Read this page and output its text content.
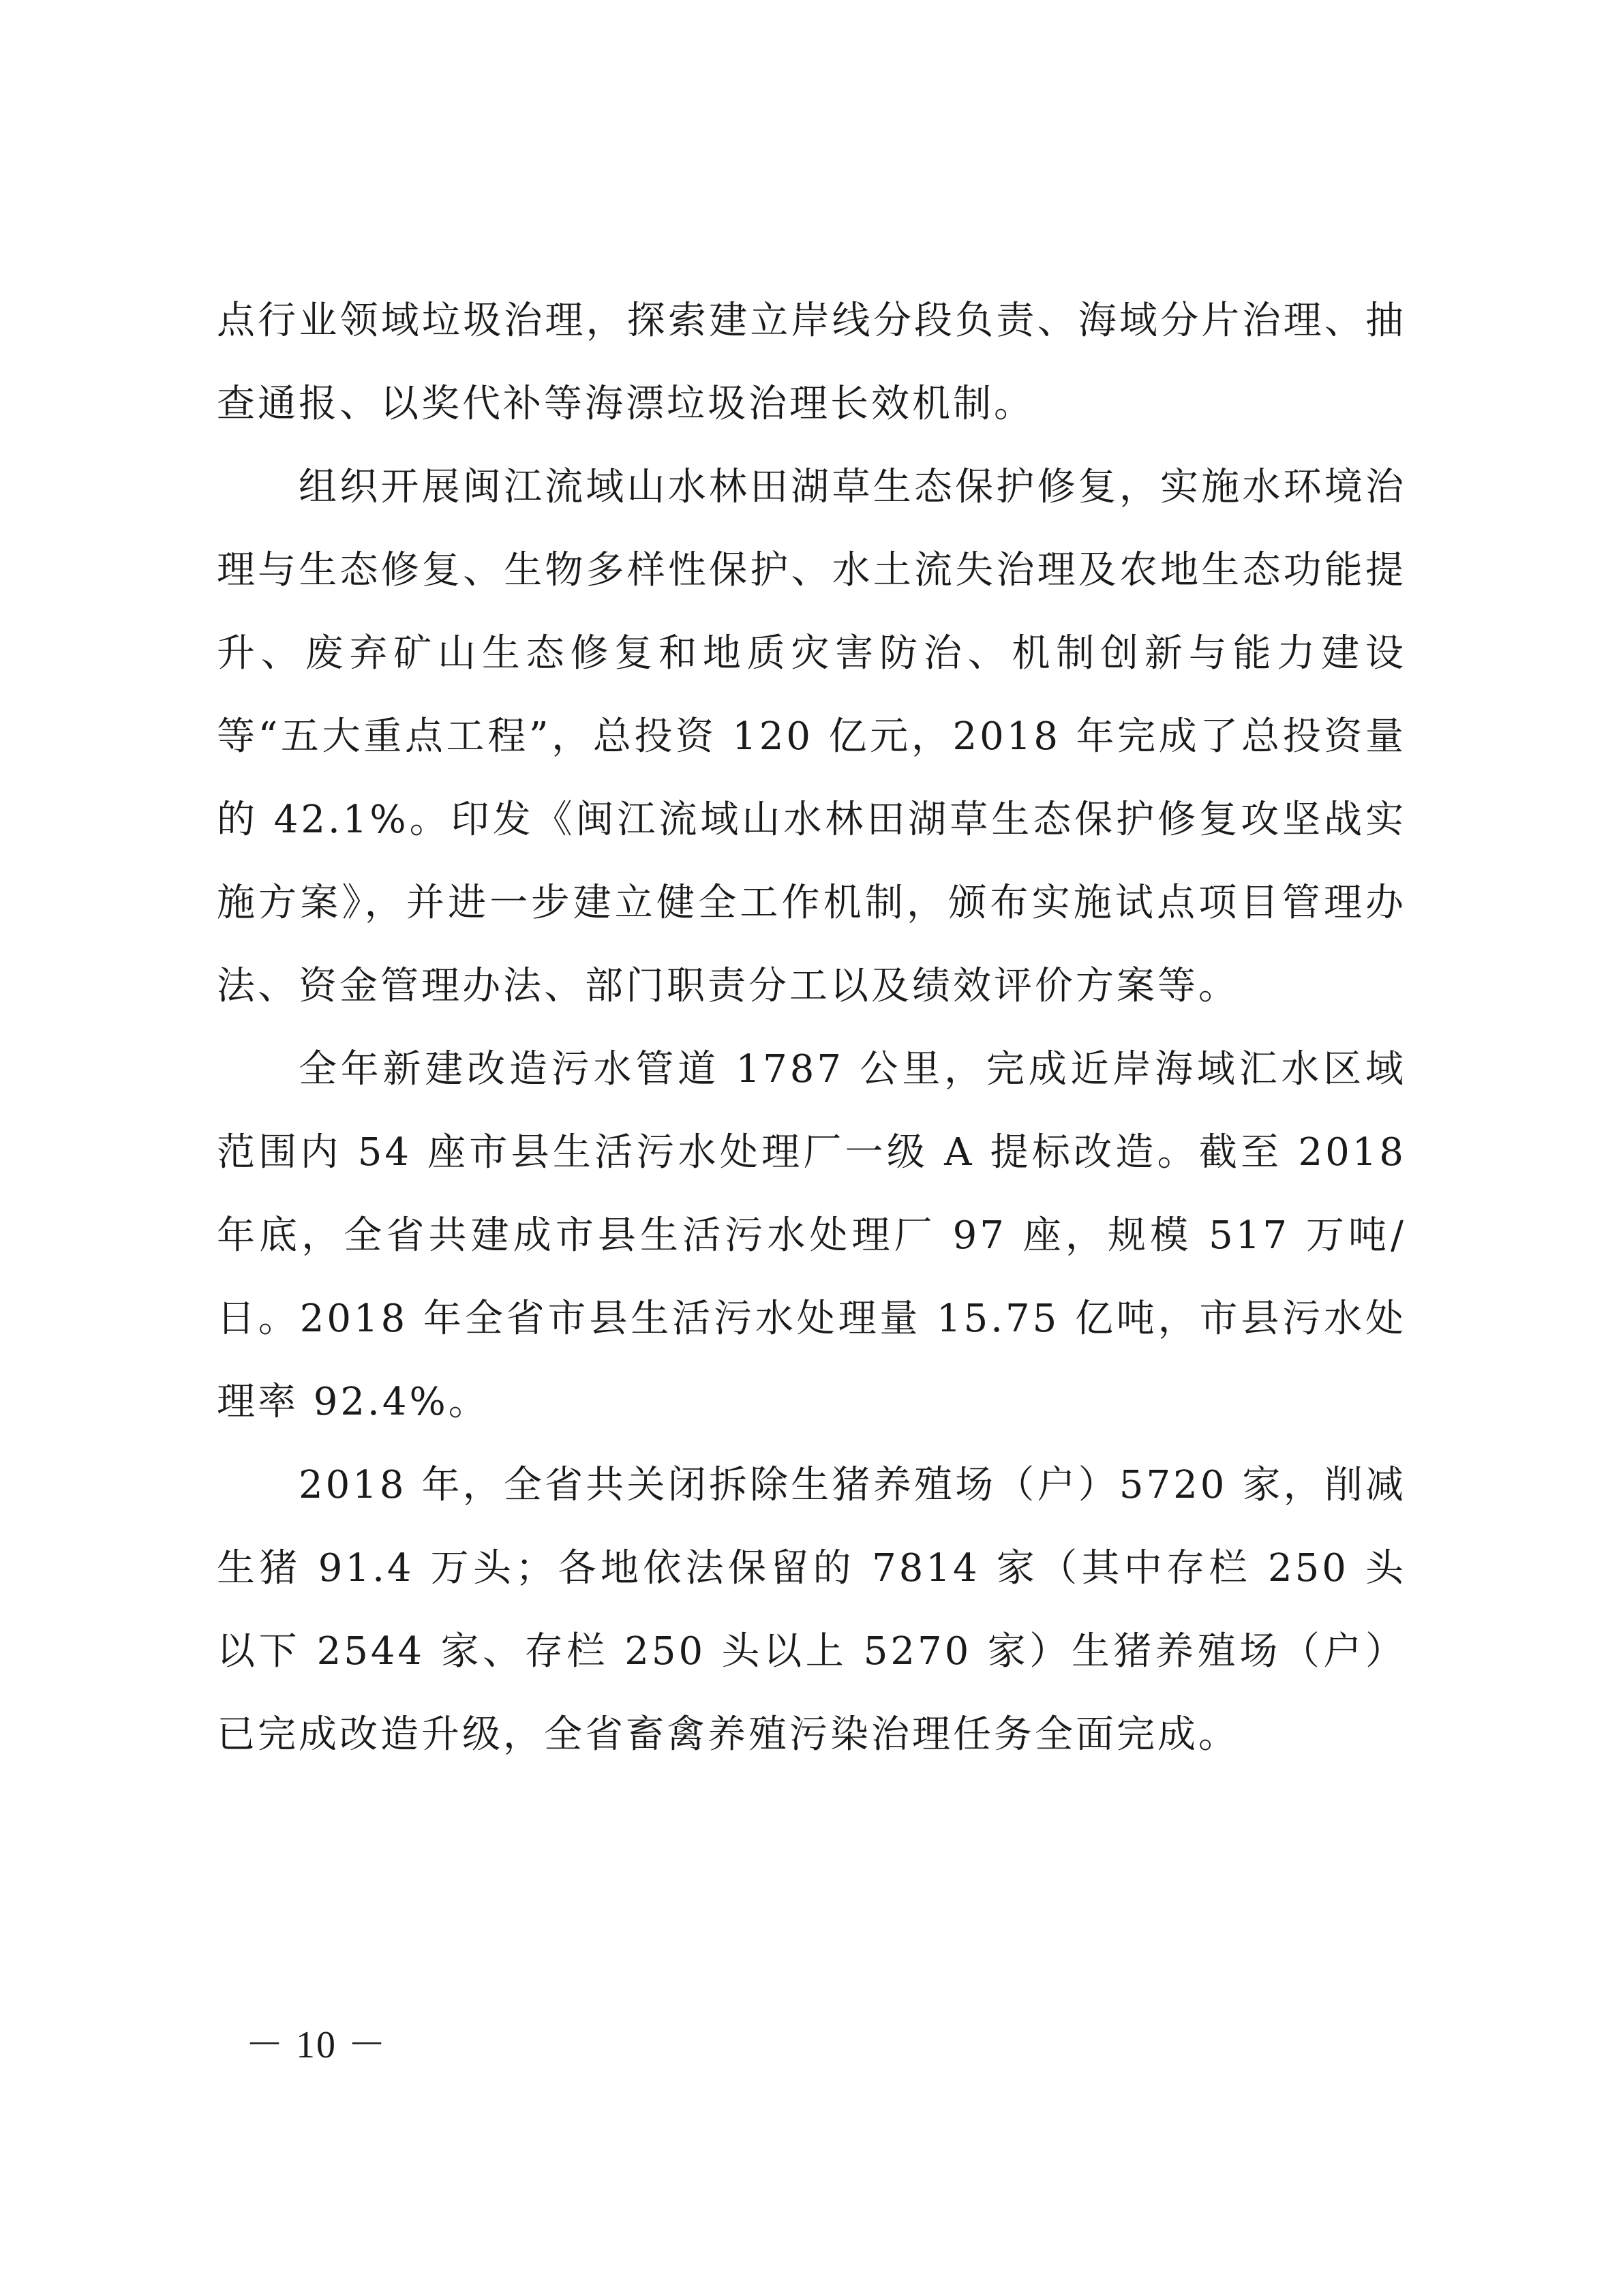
点行业领域垃圾治理，探索建立岸线分段负责、海域分片治理、抽查通报、以奖代补等海漂垃圾治理长效机制。

组织开展闽江流域山水林田湖草生态保护修复，实施水环境治理与生态修复、生物多样性保护、水土流失治理及农地生态功能提升、废弃矿山生态修复和地质灾害防治、机制创新与能力建设等“五大重点工程”，总投资 120 亿元，2018 年完成了总投资量的 42.1%。印发《闽江流域山水林田湖草生态保护修复攻坚战实施方案》，并进一步建立健全工作机制，颁布实施试点项目管理办法、资金管理办法、部门职责分工以及绩效评价方案等。

全年新建改造污水管道 1787 公里，完成近岸海域汇水区域范围内 54 座市县生活污水处理厂一级 A 提标改造。截至 2018 年底，全省共建成市县生活污水处理厂 97 座，规模 517 万吨/日。2018 年全省市县生活污水处理量 15.75 亿吨，市县污水处理率 92.4%。

2018 年，全省共关闭拆除生猪养殖场（户）5720 家，削减生猪 91.4 万头；各地依法保留的 7814 家（其中存栏 250 头以下 2544 家、存栏 250 头以上 5270 家）生猪养殖场（户）已完成改造升级，全省畜禽养殖污染治理任务全面完成。

－ 10 －
